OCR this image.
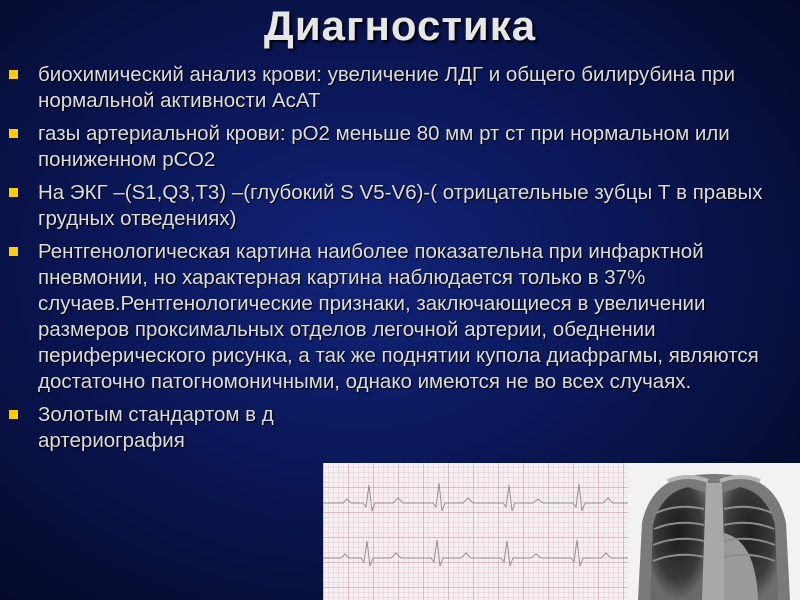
Диагностика
биохимический анализ крови: увеличение ЛДГ и общего билирубина при нормальной активности АсАТ
газы артериальной крови: рО2 меньше 80 мм рт ст при нормальном или пониженном рСО2
На ЭКГ –(S1,Q3,T3) –(глубокий S V5-V6)-( отрицательные зубцы Т в правых грудных отведениях)
Рентгенологическая картина наиболее показательна при инфарктной пневмонии, но характерная картина наблюдается только в 37% случаев.Рентгенологические признаки, заключающиеся в увеличении размеров проксимальных отделов легочной артерии, обеднении периферического рисунка, а так же поднятии купола диафрагмы, являются достаточно патогномоничными, однако имеются не во всех случаях.
Золотым стандартом в д
артериография
